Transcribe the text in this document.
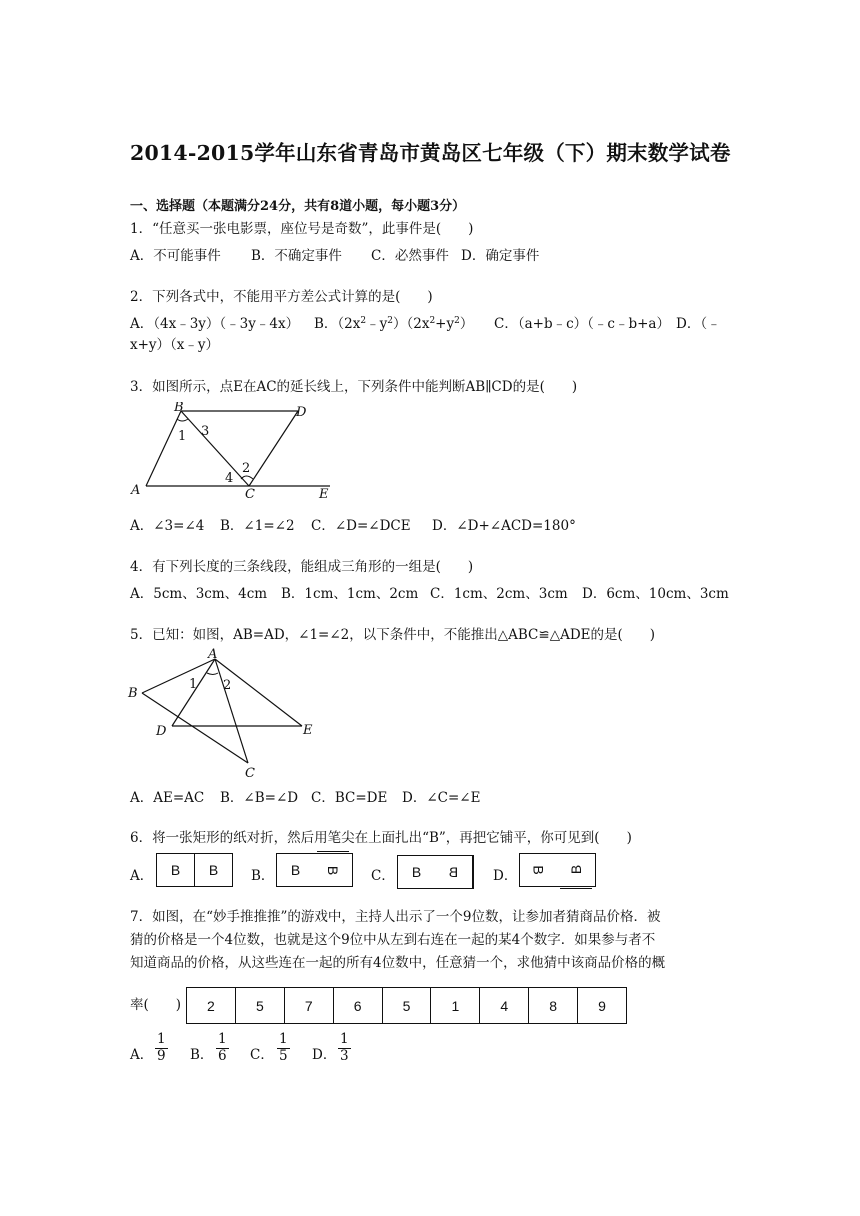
2014-2015学年山东省青岛市黄岛区七年级（下）期末数学试卷
一、选择题（本题满分24分，共有8道小题，每小题3分）
1．“任意买一张电影票，座位号是奇数”，此事件是(　　)
A．不可能事件 B．不确定事件 C．必然事件 D．确定事件
2．下列各式中，不能用平方差公式计算的是(　　)
A．（4x﹣3y）（﹣3y﹣4x） B．$(2x^2﹣y^2)(2x^2+y^2)$ C．（a+b﹣c）（﹣c﹣b+a） D．（﹣
x+y）（x﹣y）
3．如图所示，点E在AC的延长线上，下列条件中能判断AB∥CD的是(　　)
B	D
A	C	E
1 3
2
4
A．∠3=∠4 B．∠1=∠2 C．∠D=∠DCE D．∠D+∠ACD=180°
4．有下列长度的三条线段，能组成三角形的一组是(　　)
A．5cm、3cm、4cm B．1cm、1cm、2cm C．1cm、2cm、3cm D．6cm、10cm、3cm
5．已知：如图，AB=AD，∠1=∠2，以下条件中，不能推出△ABC≌△ADE的是(　　)
A
B
D	E
C
1 2
A．AE=AC B．∠B=∠D C．BC=DE D．∠C=∠E
6．将一张矩形的纸对折，然后用笔尖在上面扎出“B”，再把它铺平，你可见到(　　)
A．	B	B	B．	B	B	C．	B	B	D． B	B
7．如图，在“妙手推推推”的游戏中，主持人出示了一个9位数，让参加者猜商品价格．被
猜的价格是一个4位数，也就是这个9位中从左到右连在一起的某4个数字．如果参与者不
知道商品的价格，从这些连在一起的所有4位数中，任意猜一个，求他猜中该商品价格的概
率(　　)	2	5	7	6	5	1	4	8	9
A． $\frac{1}{9}$ B． $\frac{1}{6}$ C． $\frac{1}{5}$ D． $\frac{1}{3}$
